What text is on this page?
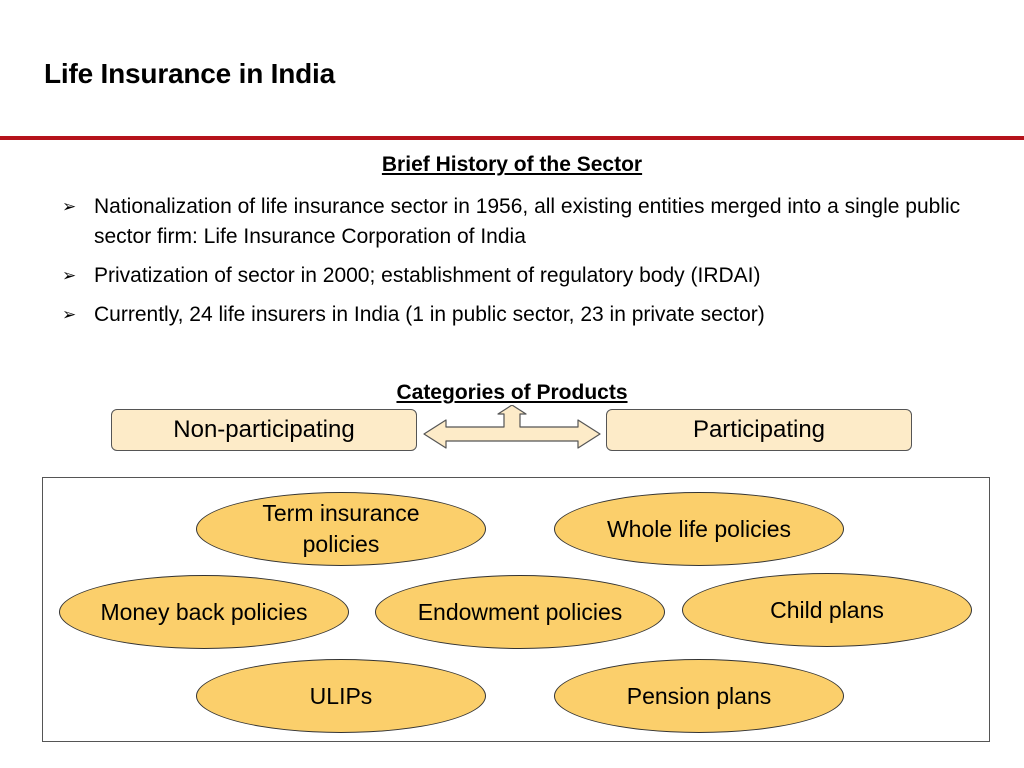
Life Insurance in India
Brief History of the Sector
➢ Nationalization of life insurance sector in 1956, all existing entities merged into a single public sector firm: Life Insurance Corporation of India
➢ Privatization of sector in 2000; establishment of regulatory body (IRDAI)
➢ Currently, 24 life insurers in India (1 in public sector, 23 in private sector)
Categories of Products
Non-participating	Participating
Term insurance policies
Whole life policies
Money back policies	Endowment policies	Child plans
ULIPs	Pension plans
